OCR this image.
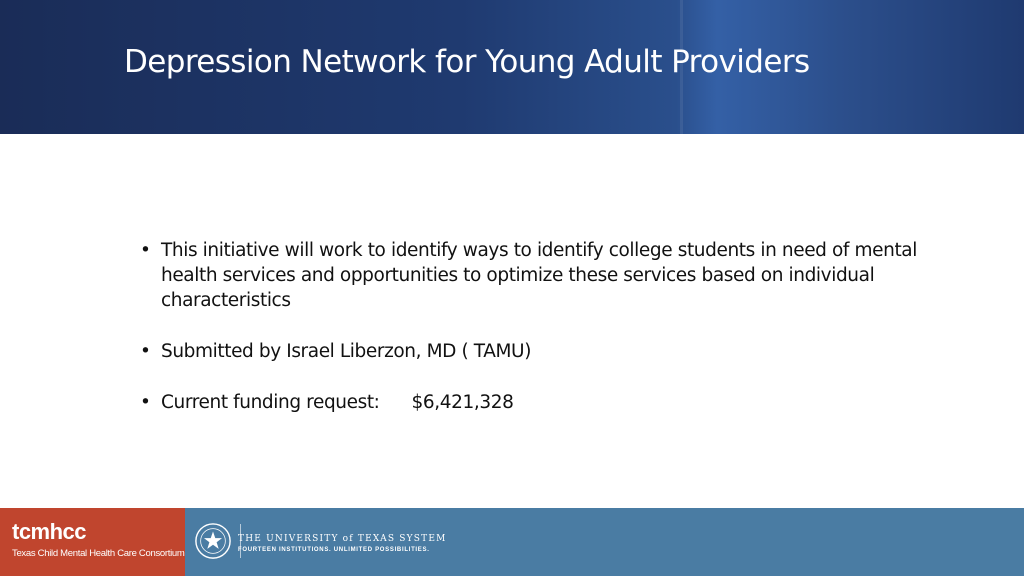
Depression Network for Young Adult Providers
• This initiative will work to identify ways to identify college students in need of mental health services and opportunities to optimize these services based on individual characteristics
• Submitted by Israel Liberzon, MD ( TAMU)
• Current funding request: $6,421,328
tcmhcc
Texas Child Mental Health Care Consortium
THE UNIVERSITY of TEXAS SYSTEM
FOURTEEN INSTITUTIONS. UNLIMITED POSSIBILITIES.
